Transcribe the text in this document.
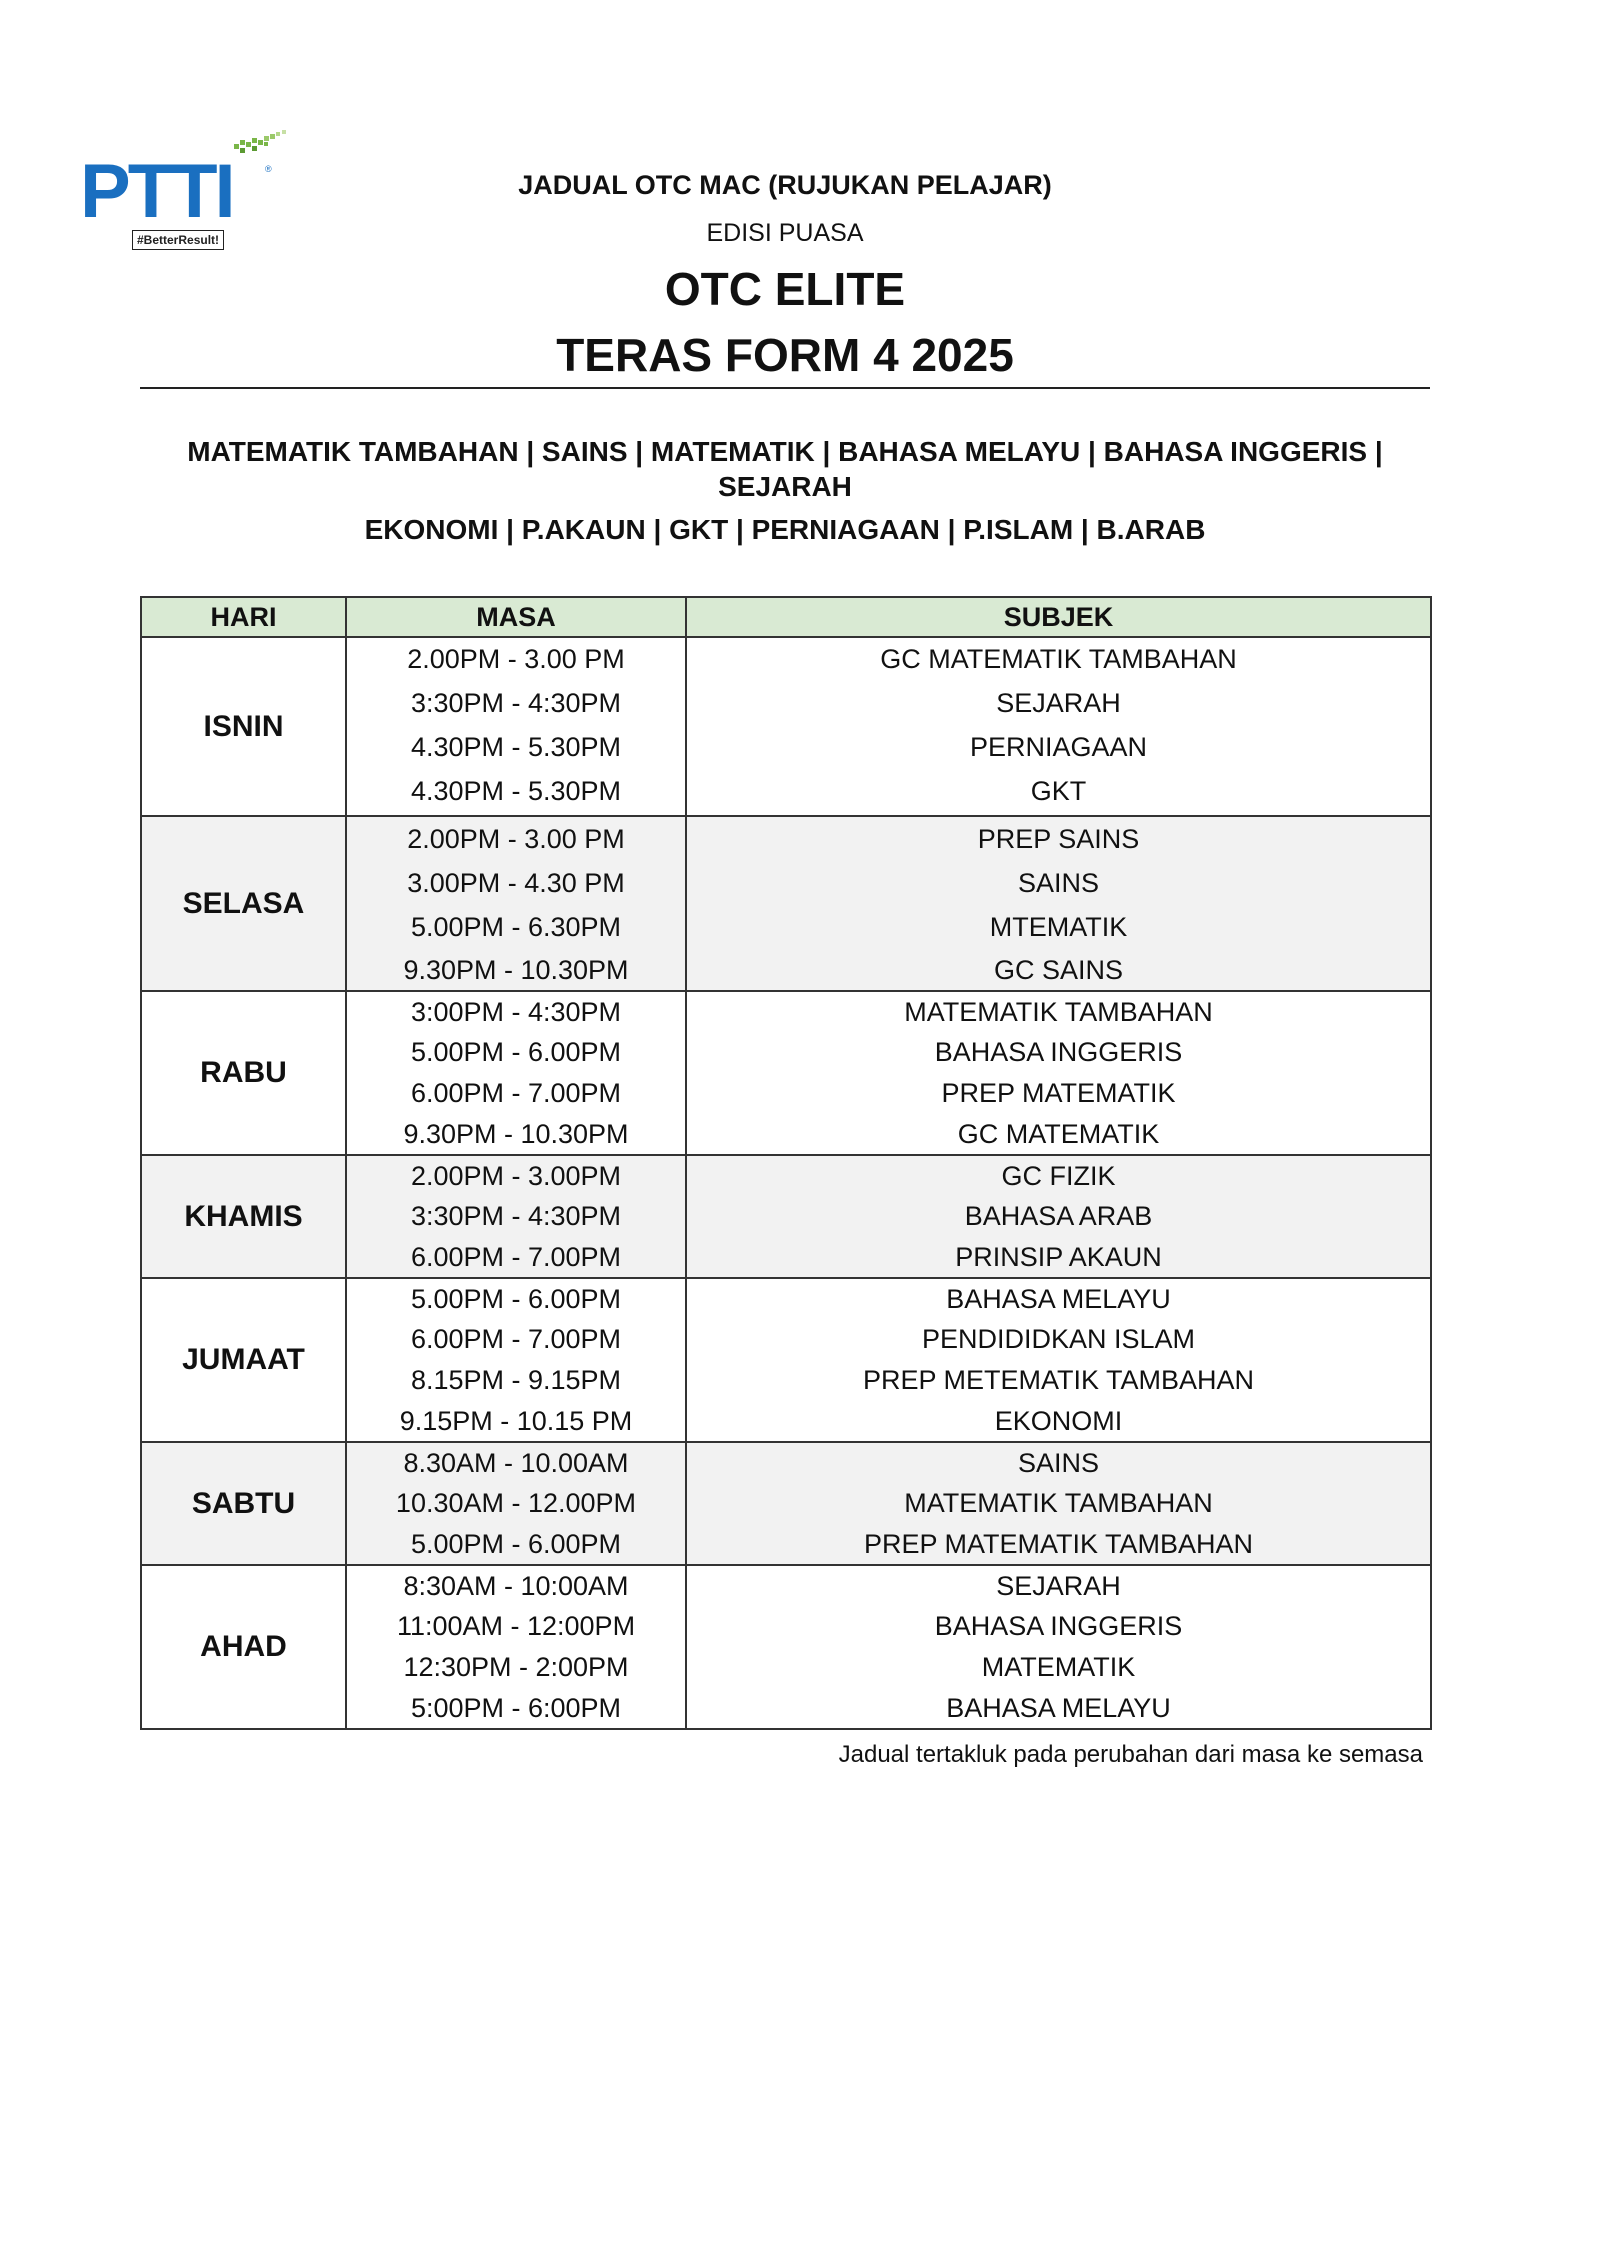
PTTI	®
#BetterResult!
JADUAL OTC MAC (RUJUKAN PELAJAR)
EDISI PUASA
OTC ELITE
TERAS FORM 4 2025
MATEMATIK TAMBAHAN | SAINS | MATEMATIK | BAHASA MELAYU | BAHASA INGGERIS | SEJARAH
EKONOMI | P.AKAUN | GKT | PERNIAGAAN | P.ISLAM | B.ARAB
HARI	MASA	SUBJEK
ISNIN	2.00PM - 3.00 PM	GC MATEMATIK TAMBAHAN
	3:30PM - 4:30PM	SEJARAH
	4.30PM - 5.30PM	PERNIAGAAN
	4.30PM - 5.30PM	GKT
SELASA	2.00PM - 3.00 PM	PREP SAINS
	3.00PM - 4.30 PM	SAINS
	5.00PM - 6.30PM	MTEMATIK
	9.30PM - 10.30PM	GC SAINS
RABU	3:00PM - 4:30PM	MATEMATIK TAMBAHAN
	5.00PM - 6.00PM	BAHASA INGGERIS
	6.00PM - 7.00PM	PREP MATEMATIK
	9.30PM - 10.30PM	GC MATEMATIK
KHAMIS	2.00PM - 3.00PM	GC FIZIK
	3:30PM - 4:30PM	BAHASA ARAB
	6.00PM - 7.00PM	PRINSIP AKAUN
JUMAAT	5.00PM - 6.00PM	BAHASA MELAYU
	6.00PM - 7.00PM	PENDIDIDKAN ISLAM
	8.15PM - 9.15PM	PREP METEMATIK TAMBAHAN
	9.15PM - 10.15 PM	EKONOMI
SABTU	8.30AM - 10.00AM	SAINS
	10.30AM - 12.00PM	MATEMATIK TAMBAHAN
	5.00PM - 6.00PM	PREP MATEMATIK TAMBAHAN
AHAD	8:30AM - 10:00AM	SEJARAH
	11:00AM - 12:00PM	BAHASA INGGERIS
	12:30PM - 2:00PM	MATEMATIK
	5:00PM - 6:00PM	BAHASA MELAYU
Jadual tertakluk pada perubahan dari masa ke semasa
